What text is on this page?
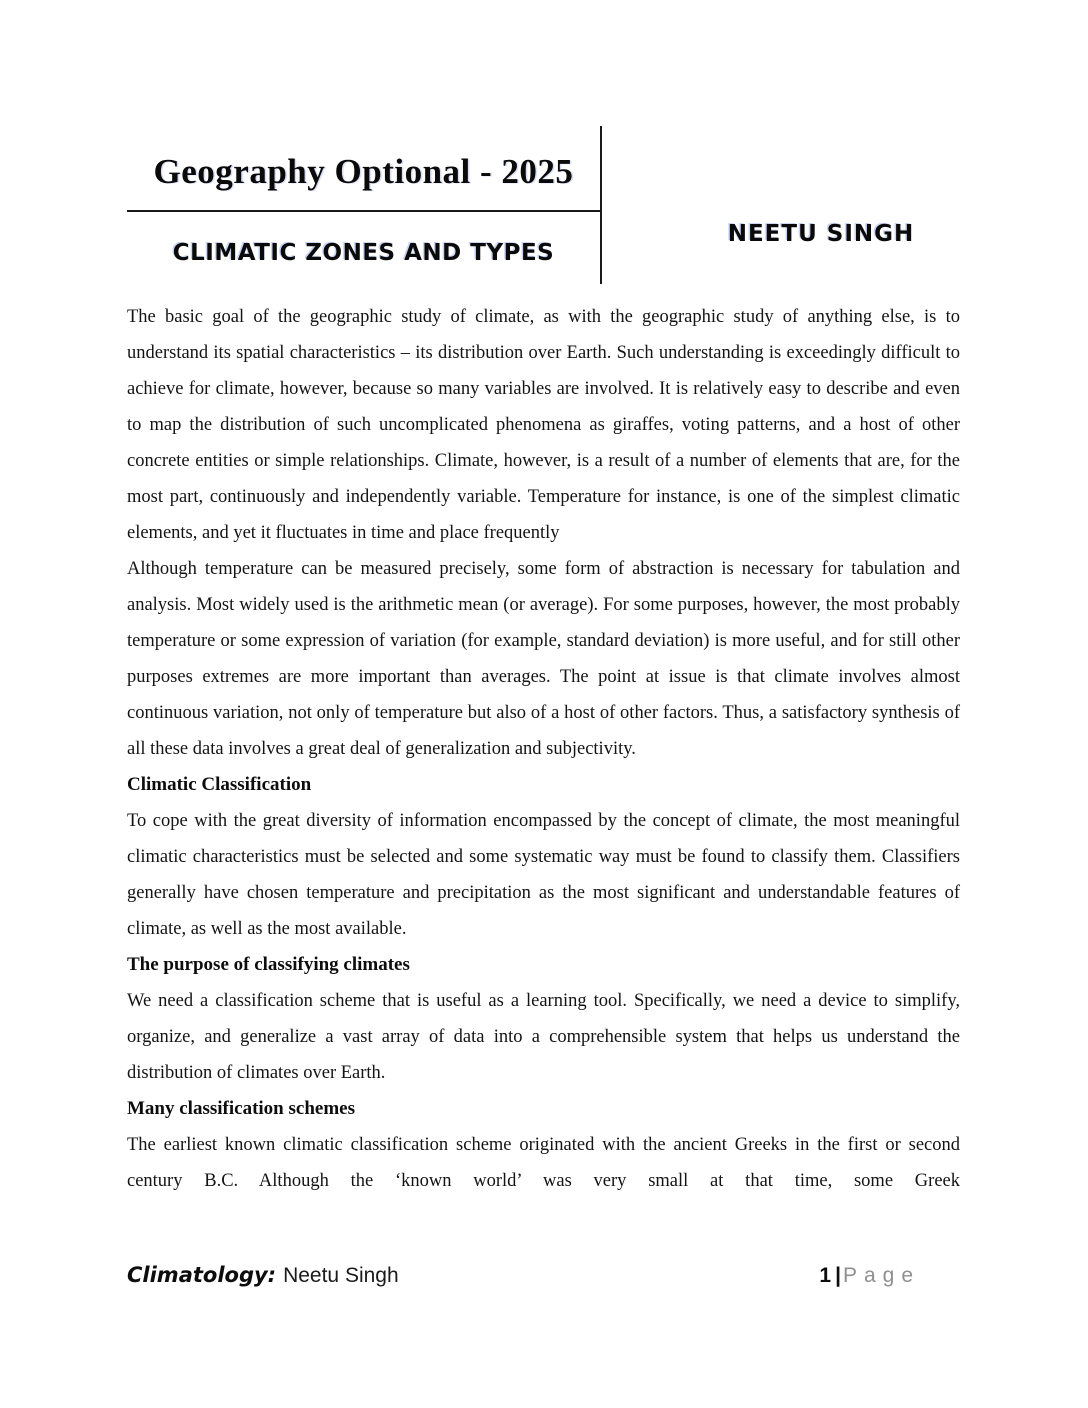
Geography Optional - 2025
CLIMATIC ZONES AND TYPES
NEETU SINGH

The basic goal of the geographic study of climate, as with the geographic study of anything else, is to understand its spatial characteristics – its distribution over Earth. Such understanding is exceedingly difficult to achieve for climate, however, because so many variables are involved. It is relatively easy to describe and even to map the distribution of such uncomplicated phenomena as giraffes, voting patterns, and a host of other concrete entities or simple relationships. Climate, however, is a result of a number of elements that are, for the most part, continuously and independently variable. Temperature for instance, is one of the simplest climatic elements, and yet it fluctuates in time and place frequently

Although temperature can be measured precisely, some form of abstraction is necessary for tabulation and analysis. Most widely used is the arithmetic mean (or average). For some purposes, however, the most probably temperature or some expression of variation (for example, standard deviation) is more useful, and for still other purposes extremes are more important than averages. The point at issue is that climate involves almost continuous variation, not only of temperature but also of a host of other factors. Thus, a satisfactory synthesis of all these data involves a great deal of generalization and subjectivity.

Climatic Classification

To cope with the great diversity of information encompassed by the concept of climate, the most meaningful climatic characteristics must be selected and some systematic way must be found to classify them. Classifiers generally have chosen temperature and precipitation as the most significant and understandable features of climate, as well as the most available.

The purpose of classifying climates

We need a classification scheme that is useful as a learning tool. Specifically, we need a device to simplify, organize, and generalize a vast array of data into a comprehensible system that helps us understand the distribution of climates over Earth.

Many classification schemes

The earliest known climatic classification scheme originated with the ancient Greeks in the first or second century B.C. Although the ‘known world’ was very small at that time, some Greek

Climatology: Neetu Singh	1 |Page
